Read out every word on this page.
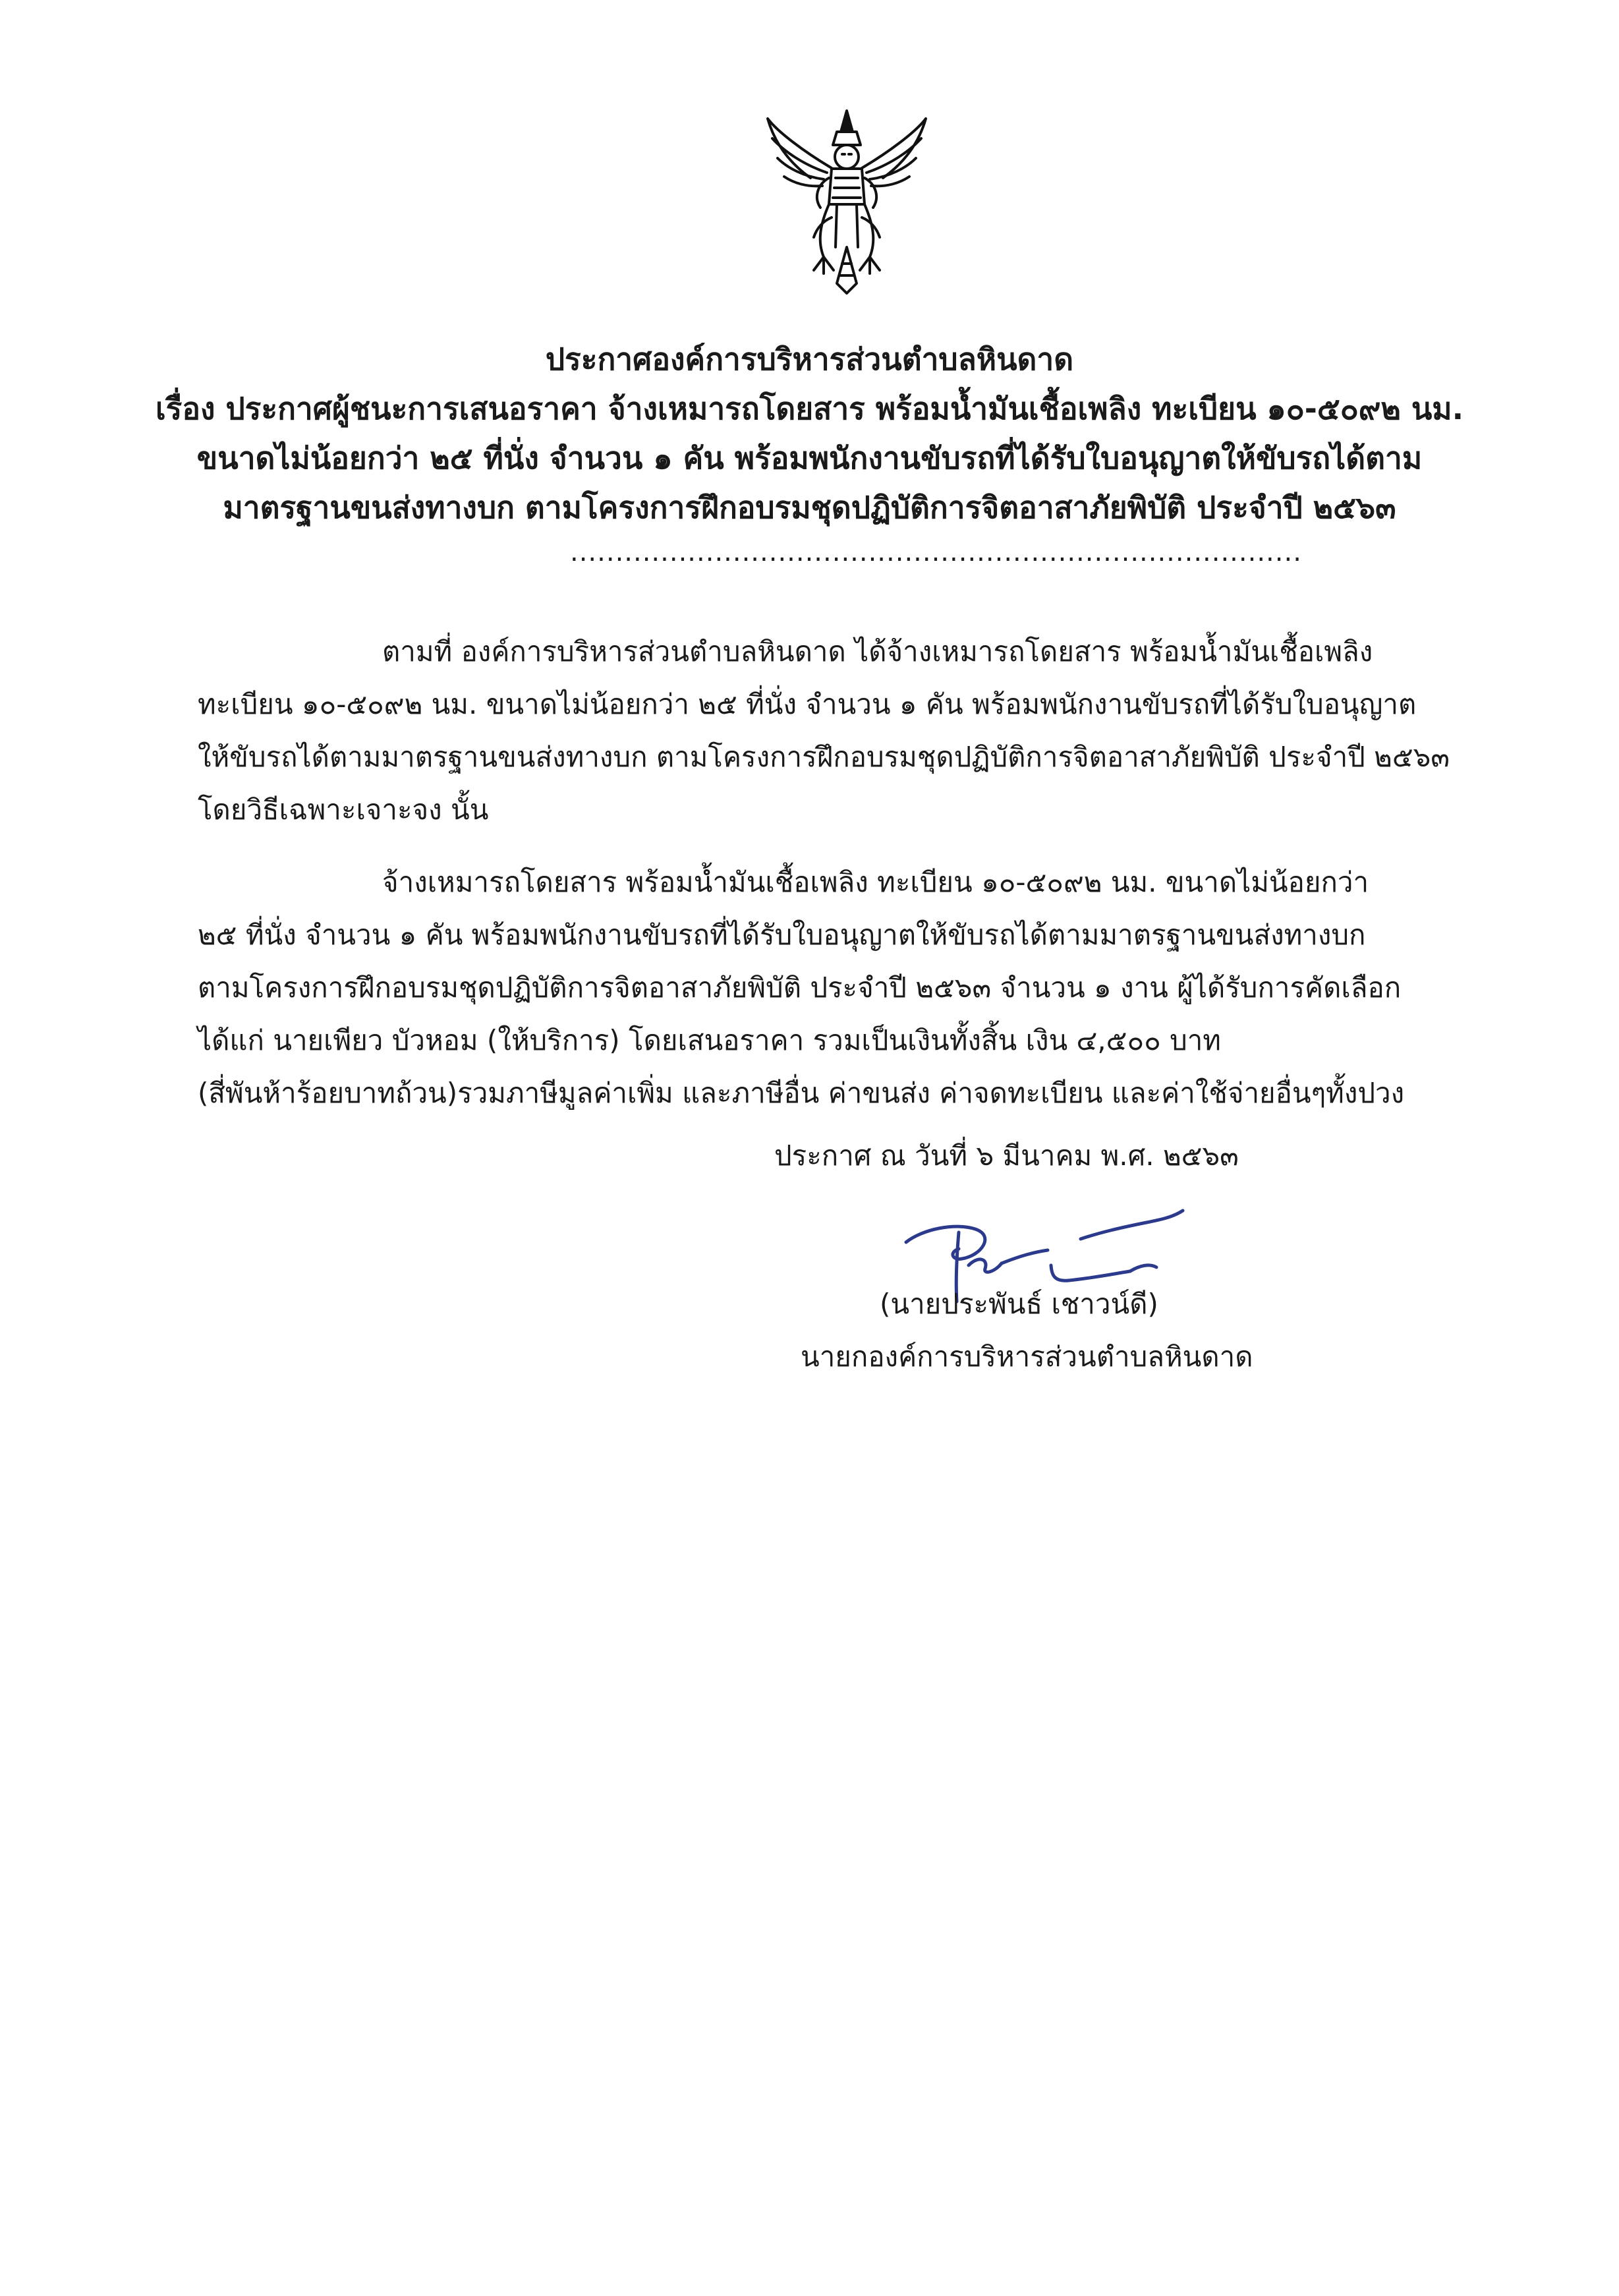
ประกาศองค์การบริหารส่วนตำบลหินดาด
เรื่อง ประกาศผู้ชนะการเสนอราคา จ้างเหมารถโดยสาร พร้อมน้ำมันเชื้อเพลิง ทะเบียน ๑๐-๕๐๙๒ นม.
ขนาดไม่น้อยกว่า ๒๕ ที่นั่ง จำนวน ๑ คัน พร้อมพนักงานขับรถที่ได้รับใบอนุญาตให้ขับรถได้ตาม
มาตรฐานขนส่งทางบก ตามโครงการฝึกอบรมชุดปฏิบัติการจิตอาสาภัยพิบัติ ประจำปี ๒๕๖๓
.................................................................................
ตามที่ องค์การบริหารส่วนตำบลหินดาด ได้จ้างเหมารถโดยสาร พร้อมน้ำมันเชื้อเพลิง
ทะเบียน ๑๐-๕๐๙๒ นม. ขนาดไม่น้อยกว่า ๒๕ ที่นั่ง จำนวน ๑ คัน พร้อมพนักงานขับรถที่ได้รับใบอนุญาต
ให้ขับรถได้ตามมาตรฐานขนส่งทางบก ตามโครงการฝึกอบรมชุดปฏิบัติการจิตอาสาภัยพิบัติ ประจำปี ๒๕๖๓
โดยวิธีเฉพาะเจาะจง นั้น
จ้างเหมารถโดยสาร พร้อมน้ำมันเชื้อเพลิง ทะเบียน ๑๐-๕๐๙๒ นม. ขนาดไม่น้อยกว่า
๒๕ ที่นั่ง จำนวน ๑ คัน พร้อมพนักงานขับรถที่ได้รับใบอนุญาตให้ขับรถได้ตามมาตรฐานขนส่งทางบก
ตามโครงการฝึกอบรมชุดปฏิบัติการจิตอาสาภัยพิบัติ ประจำปี ๒๕๖๓ จำนวน ๑ งาน ผู้ได้รับการคัดเลือก
ได้แก่ นายเพียว บัวหอม (ให้บริการ) โดยเสนอราคา รวมเป็นเงินทั้งสิ้น เงิน ๔,๕๐๐ บาท
(สี่พันห้าร้อยบาทถ้วน)รวมภาษีมูลค่าเพิ่ม และภาษีอื่น ค่าขนส่ง ค่าจดทะเบียน และค่าใช้จ่ายอื่นๆทั้งปวง
ประกาศ ณ วันที่ ๖ มีนาคม พ.ศ. ๒๕๖๓
(นายประพันธ์ เชาวน์ดี)
นายกองค์การบริหารส่วนตำบลหินดาด
